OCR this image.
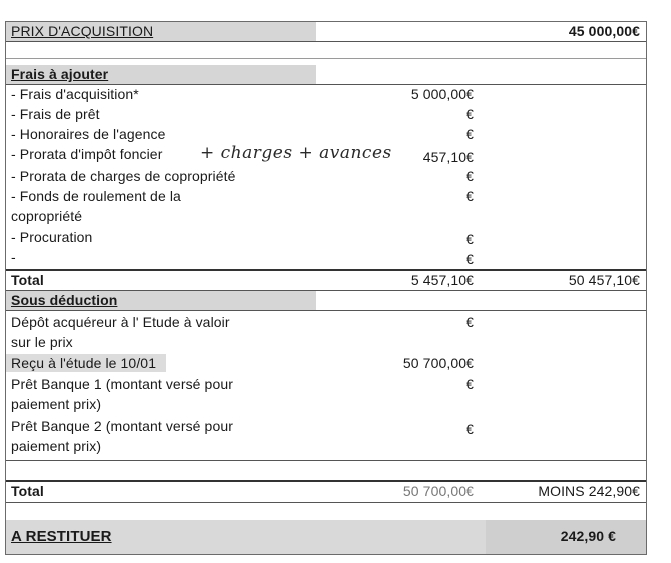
PRIX D'ACQUISITION	45 000,00€
Frais à ajouter
- Frais d'acquisition*	5 000,00€
- Frais de prêt	€
- Honoraires de l'agence	€
- Prorata d'impôt foncier + charges + avances 457,10€
- Prorata de charges de copropriété	€
- Fonds de roulement de la	€
copropriété
- Procuration	€
-	€
Total	5 457,10€	50 457,10€
Sous déduction
Dépôt acquéreur à l' Etude à valoir	€
sur le prix
Reçu à l'étude le 10/01	50 700,00€
Prêt Banque 1 (montant versé pour	€
paiement prix)
Prêt Banque 2 (montant versé pour	€
paiement prix)
Total	50 700,00€	MOINS 242,90€
A RESTITUER	242,90 €
